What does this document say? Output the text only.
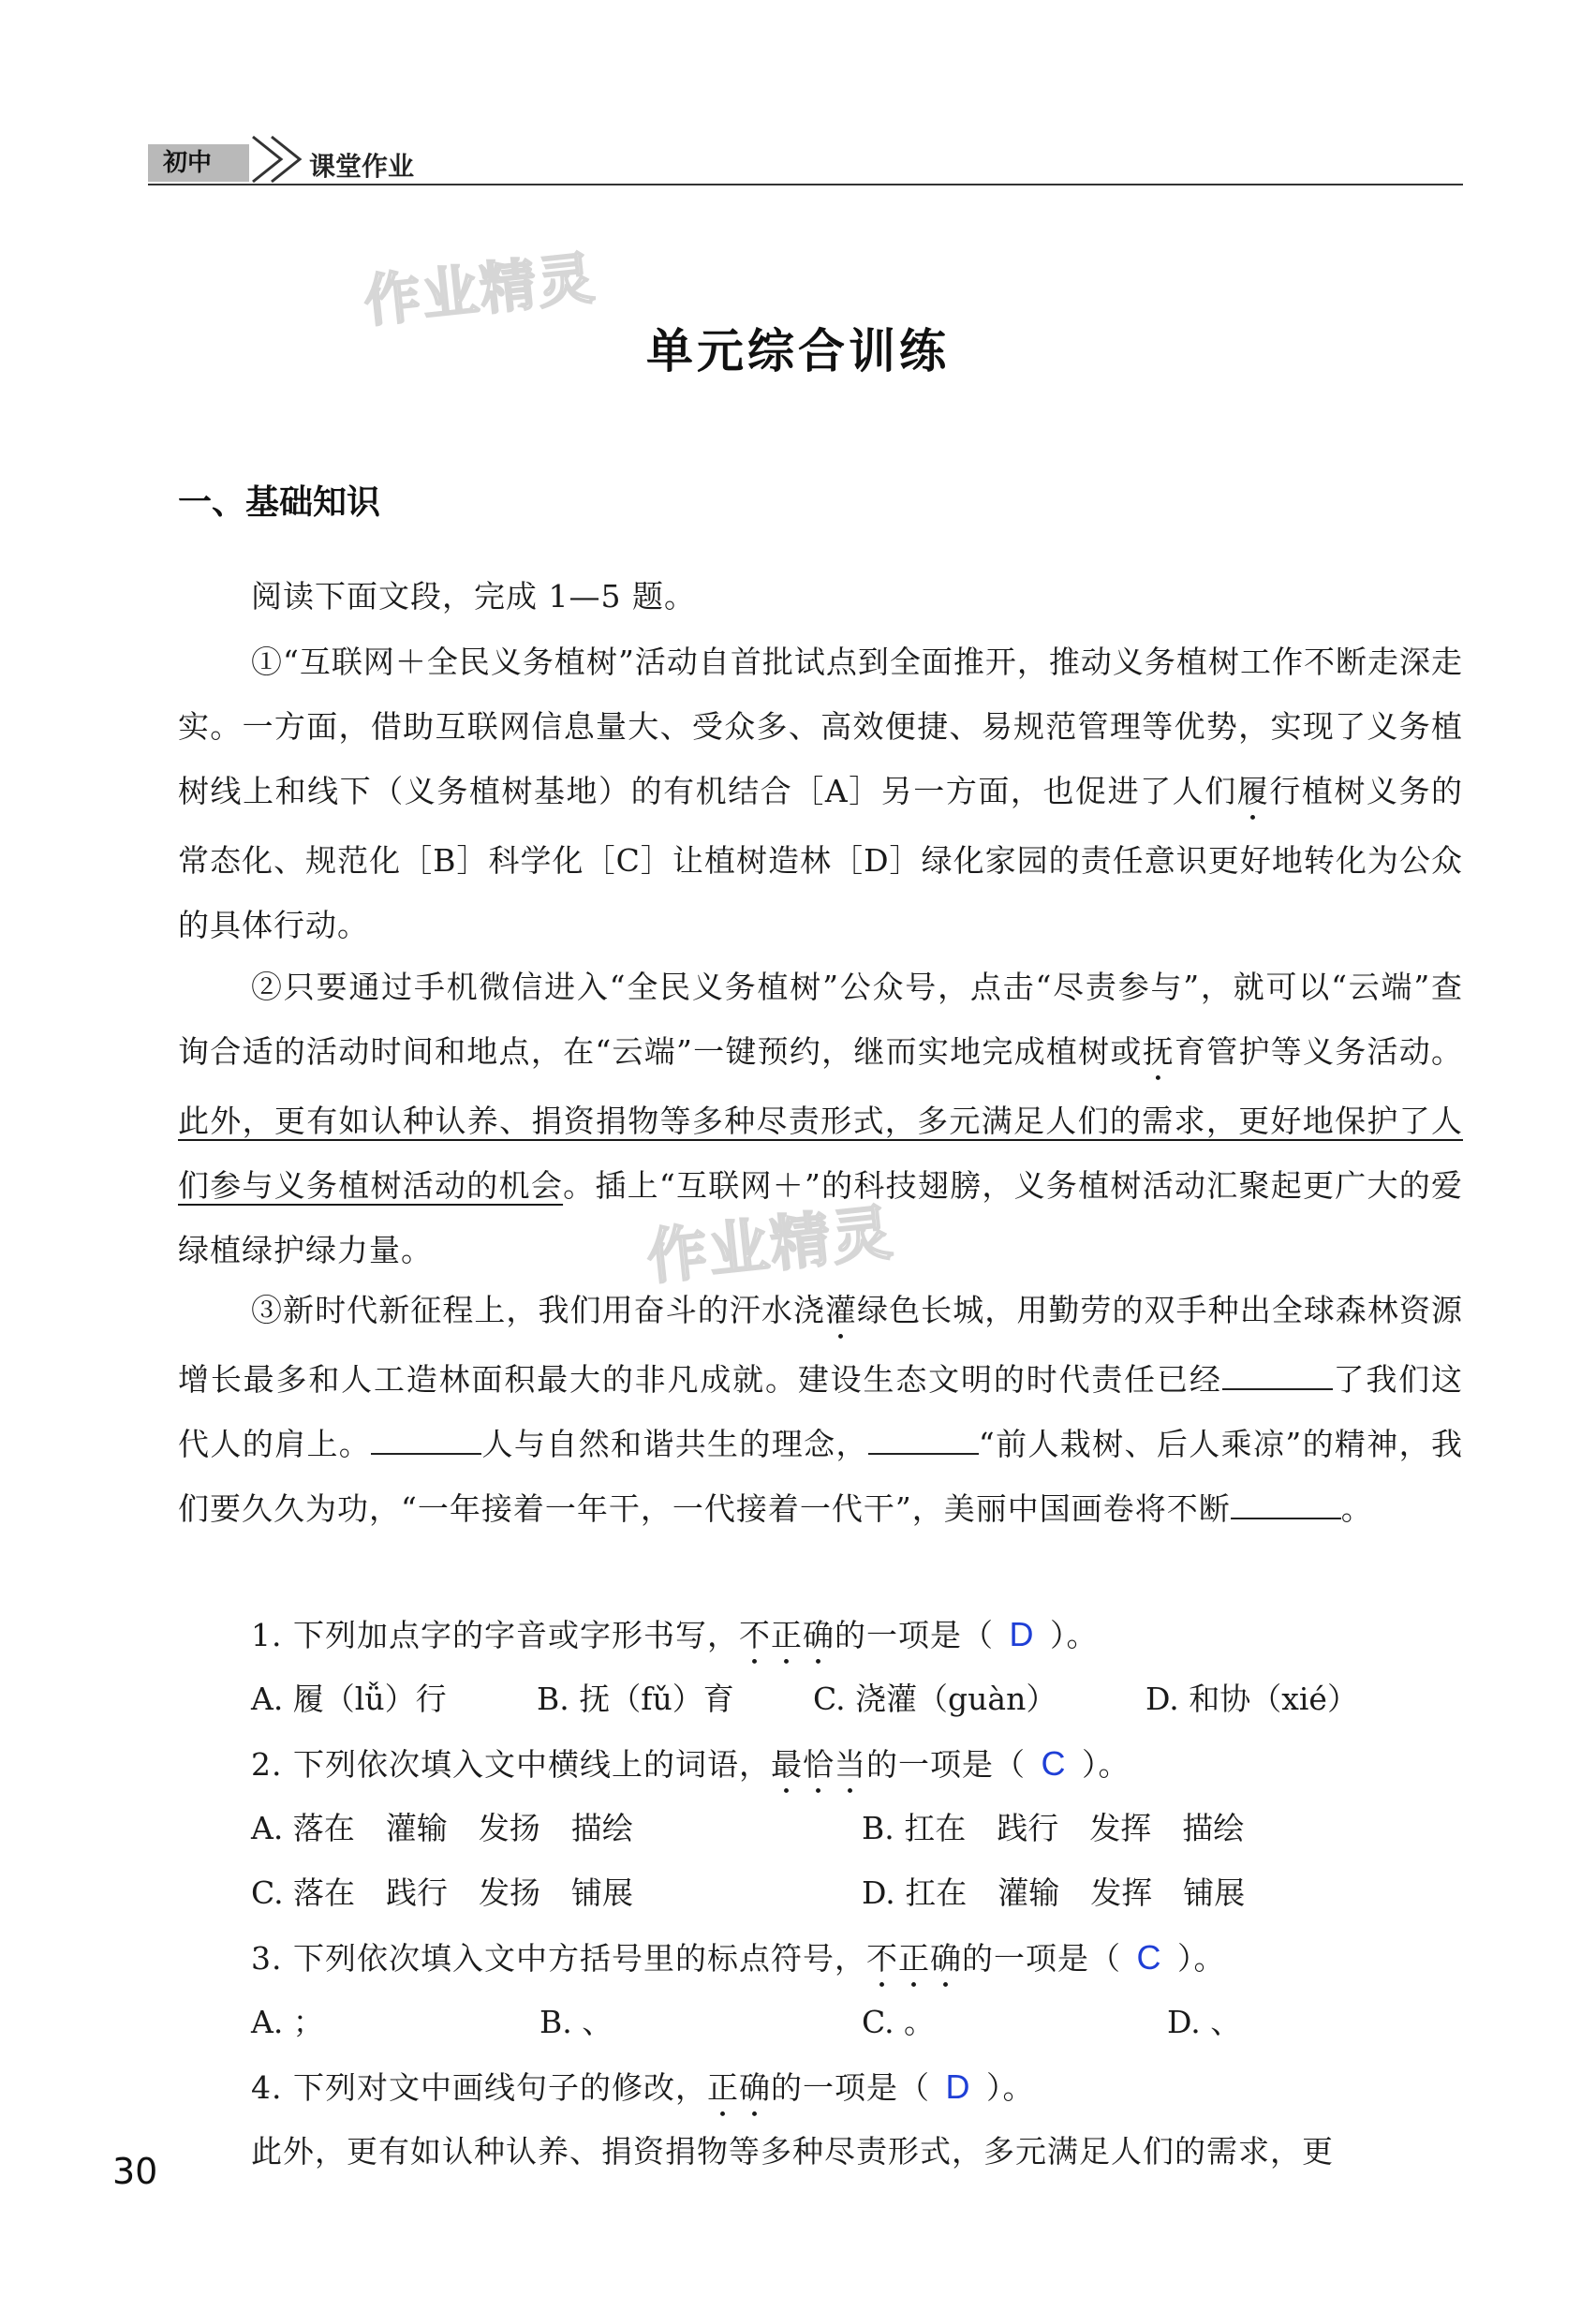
初中	课堂作业
作业精灵
作业精灵
单元综合训练
一、基础知识
阅读下面文段，完成 1—5 题。
①“互联网＋全民义务植树”活动自首批试点到全面推开，推动义务植树工作不断走深走实。一方面，借助互联网信息量大、受众多、高效便捷、易规范管理等优势，实现了义务植树线上和线下（义务植树基地）的有机结合［A］另一方面，也促进了人们履行植树义务的常态化、规范化［B］科学化［C］让植树造林［D］绿化家园的责任意识更好地转化为公众的具体行动。
②只要通过手机微信进入“全民义务植树”公众号，点击“尽责参与”，就可以“云端”查询合适的活动时间和地点，在“云端”一键预约，继而实地完成植树或抚育管护等义务活动。此外，更有如认种认养、捐资捐物等多种尽责形式，多元满足人们的需求，更好地保护了人们参与义务植树活动的机会。插上“互联网＋”的科技翅膀，义务植树活动汇聚起更广大的爱绿植绿护绿力量。
③新时代新征程上，我们用奋斗的汗水浇灌绿色长城，用勤劳的双手种出全球森林资源增长最多和人工造林面积最大的非凡成就。建设生态文明的时代责任已经	了我们这代人的肩上。	人与自然和谐共生的理念，	“前人栽树、后人乘凉”的精神，我们要久久为功，“一年接着一年干，一代接着一代干”，美丽中国画卷将不断	。
1. 下列加点字的字音或字形书写，不正确的一项是（ D ）。
A. 履（lǚ）行	B. 抚（fǔ）育	C. 浇灌（guàn）	D. 和协（xié）
2. 下列依次填入文中横线上的词语，最恰当的一项是（ C ）。
A. 落在　灌输　发扬　描绘	B. 扛在　践行　发挥　描绘
C. 落在　践行　发扬　铺展	D. 扛在　灌输　发挥　铺展
3. 下列依次填入文中方括号里的标点符号，不正确的一项是（ C ）。
A. ；	B. 、	C. 。	D. 、
4. 下列对文中画线句子的修改，正确的一项是（ D ）。
此外，更有如认种认养、捐资捐物等多种尽责形式，多元满足人们的需求，更
30
